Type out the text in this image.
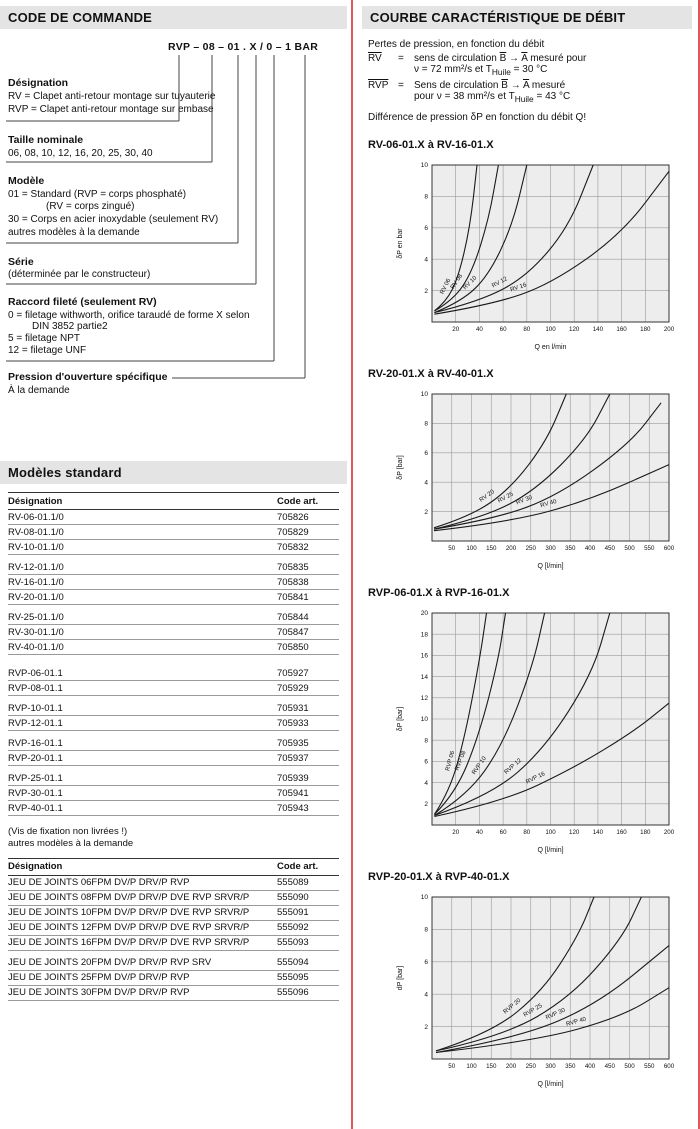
CODE DE COMMANDE
RVP – 08 – 01 . X / 0 – 1 BAR
Désignation
RV = Clapet anti-retour montage sur tuyauterie
RVP = Clapet anti-retour montage sur embase
Taille nominale
06, 08, 10, 12, 16, 20, 25, 30, 40
Modèle
01 = Standard (RVP = corps phosphaté)
(RV = corps zingué)
30 = Corps en acier inoxydable (seulement RV)
autres modèles à la demande
Série
(déterminée par le constructeur)
Raccord fileté (seulement RV)
0 = filetage withworth, orifice taraudé de forme X selon
DIN 3852 partie2
5 = filetage NPT
12 = filetage UNF
Pression d'ouverture spécifique
À la demande
Modèles standard
Désignation	Code art.
RV-06-01.1/0	705826
RV-08-01.1/0	705829
RV-10-01.1/0	705832
RV-12-01.1/0	705835
RV-16-01.1/0	705838
RV-20-01.1/0	705841
RV-25-01.1/0	705844
RV-30-01.1/0	705847
RV-40-01.1/0	705850
RVP-06-01.1	705927
RVP-08-01.1	705929
RVP-10-01.1	705931
RVP-12-01.1	705933
RVP-16-01.1	705935
RVP-20-01.1	705937
RVP-25-01.1	705939
RVP-30-01.1	705941
RVP-40-01.1	705943
(Vis de fixation non livrées !)
autres modèles à la demande
Désignation	Code art.
JEU DE JOINTS 06FPM DV/P DRV/P RVP	555089
JEU DE JOINTS 08FPM DV/P DRV/P DVE RVP SRVR/P	555090
JEU DE JOINTS 10FPM DV/P DRV/P DVE RVP SRVR/P	555091
JEU DE JOINTS 12FPM DV/P DRV/P DVE RVP SRVR/P	555092
JEU DE JOINTS 16FPM DV/P DRV/P DVE RVP SRVR/P	555093
JEU DE JOINTS 20FPM DV/P DRV/P RVP SRV	555094
JEU DE JOINTS 25FPM DV/P DRV/P RVP	555095
JEU DE JOINTS 30FPM DV/P DRV/P RVP	555096
COURBE CARACTÉRISTIQUE DE DÉBIT
Pertes de pression, en fonction du débit
$\overline{RV}$	=	sens de circulation $\overline{B} \to \overline{A}$ mesuré pour
ν = 72 mm²/s et $T_{Huile} = 30$ °C
$\overline{RVP}$ =	Sens de circulation $\overline{B} \to \overline{A}$ mesuré
pour ν = 38 mm²/s et $T_{Huile} = 43$ °C
Différence de pression δP en fonction du débit Q!
RV-06-01.X à RV-16-01.X
20	40	60	80 100 120 140 160 180 200
2
4
6
8
10
RV 06
RV 08
RV 10 RV 12 RV 16
Q en l/min
δP en bar
RV-20-01.X à RV-40-01.X
50 100 150 200 250 300 350 400 450 500 550 600
2
4
6
8
10
RV 20 RV 25 RV 30 RV 40
Q [l/min]
δP [bar]
RVP-06-01.X à RVP-16-01.X
20	40	60	80 100 120 140 160 180 200
2
4
6
8
10
12
14
16
18
20
RVP 06
RVP 08 RVP 10	RVP 12
RVP 16
Q [l/min]
δP [bar]
RVP-20-01.X à RVP-40-01.X
50 100 150 200 250 300 350 400 450 500 550 600
2
4
6
8
10
RVP 20 RVP 25 RVP 30
RVP 40
Q [l/min]
dP [bar]
